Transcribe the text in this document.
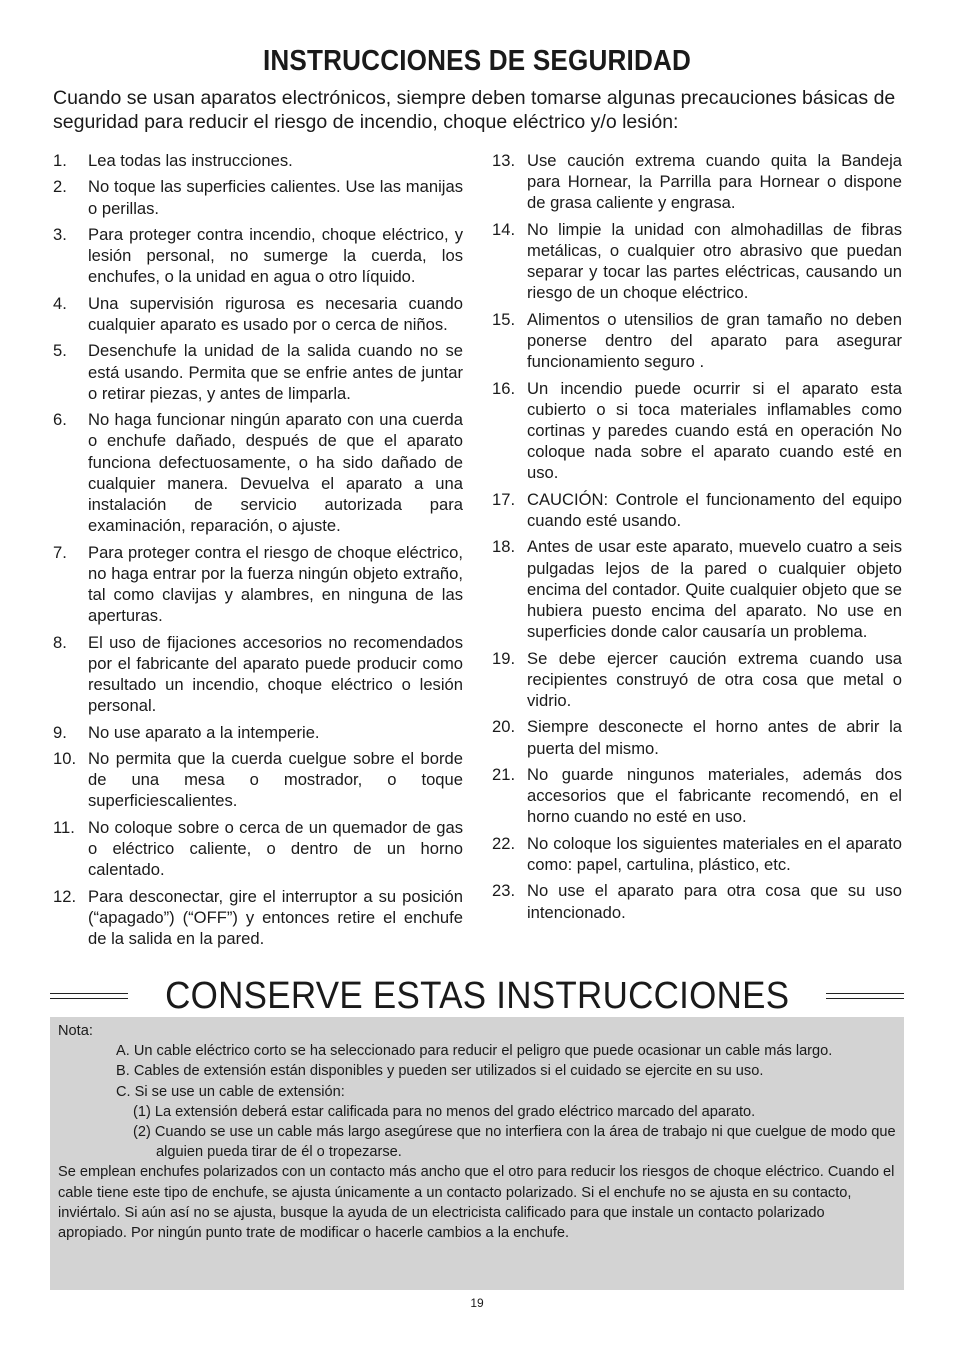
INSTRUCCIONES DE SEGURIDAD
Cuando se usan aparatos electrónicos, siempre deben tomarse algunas precauciones básicas de seguridad para reducir el riesgo de incendio, choque eléctrico y/o lesión:
1.	Lea todas las instrucciones.
2.	No toque las superficies calientes. Use las manijas o perillas.
3.	Para proteger contra incendio, choque eléctrico, y lesión personal, no sumerge la cuerda, los enchufes, o la unidad en agua o otro líquido.
4.	Una supervisión rigurosa es necesaria cuando cualquier aparato es usado por o cerca de niños.
5.	Desenchufe la unidad de la salida cuando no se está usando. Permita que se enfrie antes de juntar o retirar piezas, y antes de limparla.
6.	No haga funcionar ningún aparato con una cuerda o enchufe dañado, después de que el aparato funciona defectuosamente, o ha sido dañado de cualquier manera. Devuelva el aparato a una instalación de servicio autorizada para examinación, reparación, o ajuste.
7.	Para proteger contra el riesgo de choque eléctrico, no haga entrar por la fuerza ningún objeto extraño, tal como clavijas y alambres, en ninguna de las aperturas.
8.	El uso de fijaciones accesorios no recomendados por el fabricante del aparato puede producir como resultado un incendio, choque eléctrico o lesión personal.
9.	No use aparato a la intemperie.
10. No permita que la cuerda cuelgue sobre el borde de una mesa o mostrador, o toque superficiescalientes.
11. No coloque sobre o cerca de un quemador de gas o eléctrico caliente, o dentro de un horno calentado.
12. Para desconectar, gire el interruptor a su posición (“apagado”) (“OFF”) y entonces retire el enchufe de la salida en la pared.
13. Use caución extrema cuando quita la Bandeja para Hornear, la Parrilla para Hornear o dispone de grasa caliente y engrasa.
14. No limpie la unidad con almohadillas de fibras metálicas, o cualquier otro abrasivo que puedan separar y tocar las partes eléctricas, causando un riesgo de un choque eléctrico.
15. Alimentos o utensilios de gran tamaño no deben ponerse dentro del aparato para asegurar funcionamiento seguro .
16. Un incendio puede ocurrir si el aparato esta cubierto o si toca materiales inflamables como cortinas y paredes cuando está en operación No coloque nada sobre el aparato cuando esté en uso.
17. CAUCIÓN: Controle el funcionamento del equipo cuando esté usando.
18. Antes de usar este aparato, muevelo cuatro a seis pulgadas lejos de la pared o cualquier objeto encima del contador. Quite cualquier objeto que se hubiera puesto encima del aparato. No use en superficies donde calor causaría un problema.
19. Se debe ejercer caución extrema cuando usa recipientes construyó de otra cosa que metal o vidrio.
20. Siempre desconecte el horno antes de abrir la puerta del mismo.
21. No guarde ningunos materiales, además dos accesorios que el fabricante recomendó, en el horno cuando no esté en uso.
22. No coloque los siguientes materiales en el aparato como: papel, cartulina, plástico, etc.
23. No use el aparato para otra cosa que su uso intencionado.
CONSERVE ESTAS INSTRUCCIONES
Nota:
A. Un cable eléctrico corto se ha seleccionado para reducir el peligro que puede ocasionar un cable más largo.
B. Cables de extensión están disponibles y pueden ser utilizados si el cuidado se ejercite en su uso.
C. Si se use un cable de extensión:
(1) La extensión deberá estar calificada para no menos del grado eléctrico marcado del aparato.
(2) Cuando se use un cable más largo asegúrese que no interfiera con la área de trabajo ni que cuelgue de modo que alguien pueda tirar de él o tropezarse.
Se emplean enchufes polarizados con un contacto más ancho que el otro para reducir los riesgos de choque eléctrico. Cuando el cable tiene este tipo de enchufe, se ajusta únicamente a un contacto polarizado. Si el enchufe no se ajusta en su contacto, inviértalo. Si aún así no se ajusta, busque la ayuda de un electricista calificado para que instale un contacto polarizado apropiado. Por ningún punto trate de modificar o hacerle cambios a la enchufe.
19
